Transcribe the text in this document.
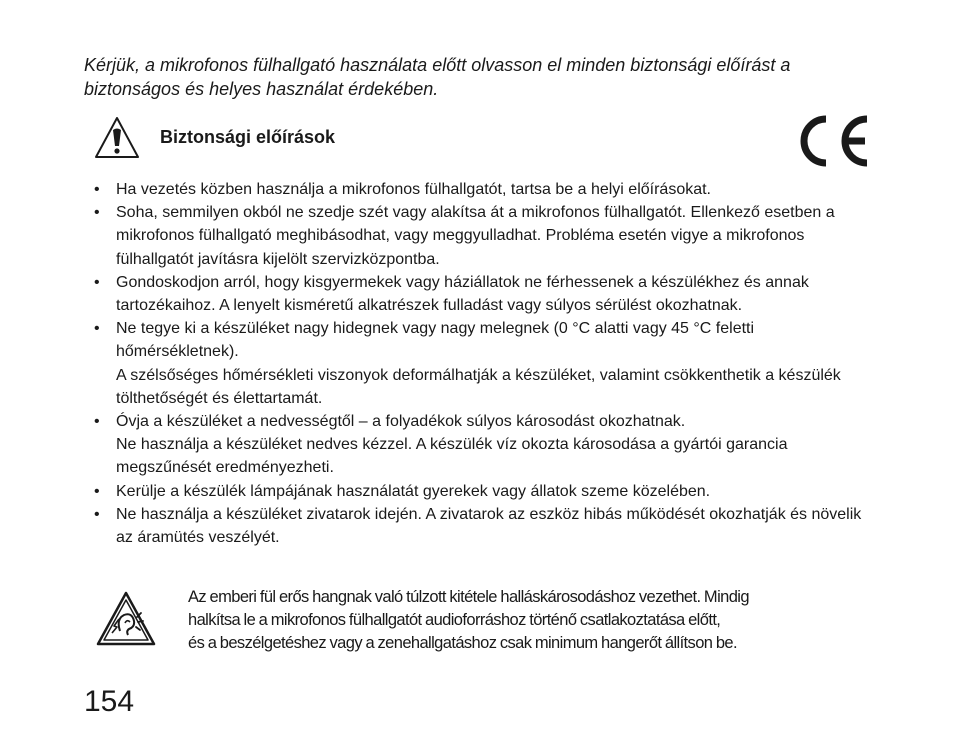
Kérjük, a mikrofonos fülhallgató használata előtt olvasson el minden biztonsági előírást a biztonságos és helyes használat érdekében.

Biztonsági előírások
• Ha vezetés közben használja a mikrofonos fülhallgatót, tartsa be a helyi előírásokat.
• Soha, semmilyen okból ne szedje szét vagy alakítsa át a mikrofonos fülhallgatót. Ellenkező esetben a mikrofonos fülhallgató meghibásodhat, vagy meggyulladhat. Probléma esetén vigye a mikrofonos fülhallgatót javításra kijelölt szervizközpontba.
• Gondoskodjon arról, hogy kisgyermekek vagy háziállatok ne férhessenek a készülékhez és annak tartozékaihoz. A lenyelt kisméretű alkatrészek fulladást vagy súlyos sérülést okozhatnak.
• Ne tegye ki a készüléket nagy hidegnek vagy nagy melegnek (0 °C alatti vagy 45 °C feletti hőmérsékletnek).
A szélsőséges hőmérsékleti viszonyok deformálhatják a készüléket, valamint csökkenthetik a készülék tölthetőségét és élettartamát.
• Óvja a készüléket a nedvességtől – a folyadékok súlyos károsodást okozhatnak.
Ne használja a készüléket nedves kézzel. A készülék víz okozta károsodása a gyártói garancia megszűnését eredményezheti.
• Kerülje a készülék lámpájának használatát gyerekek vagy állatok szeme közelében.
• Ne használja a készüléket zivatarok idején. A zivatarok az eszköz hibás működését okozhatják és növelik az áramütés veszélyét.
Az emberi fül erős hangnak való túlzott kitétele halláskárosodáshoz vezethet. Mindig
halkítsa le a mikrofonos fülhallgatót audioforráshoz történő csatlakoztatása előtt,
és a beszélgetéshez vagy a zenehallgatáshoz csak minimum hangerőt állítson be.
154
